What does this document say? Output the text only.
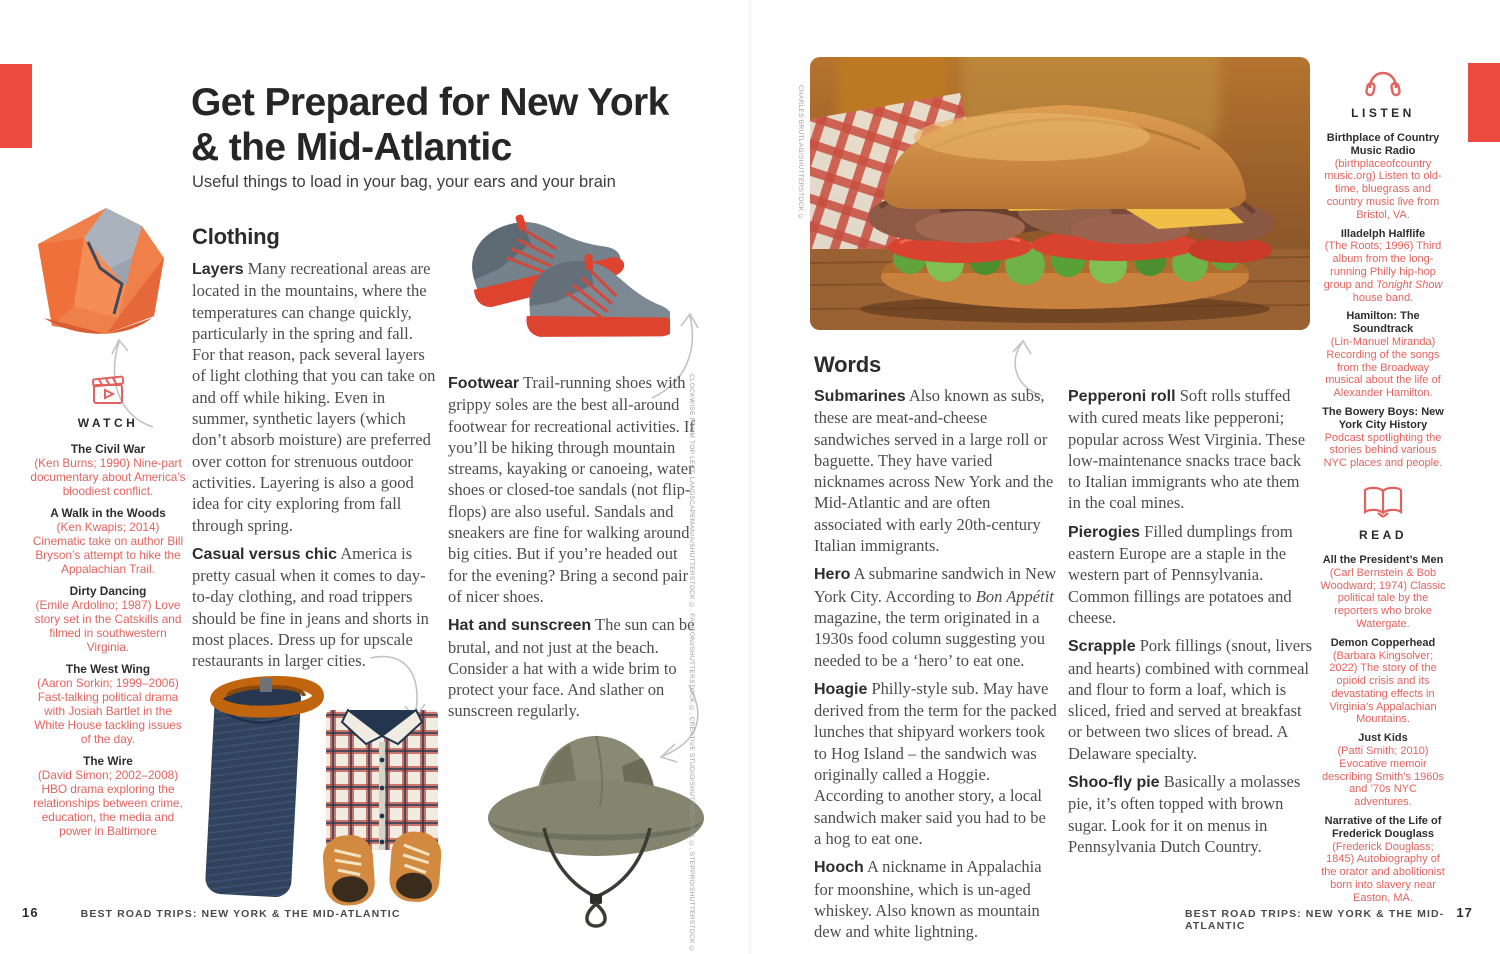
Get Prepared for New York
& the Mid-Atlantic
Useful things to load in your bag, your ears and your brain
WATCH
The Civil War
(Ken Burns; 1990) Nine-part documentary about America’s bloodiest conflict.
A Walk in the Woods
(Ken Kwapis; 2014) Cinematic take on author Bill Bryson’s attempt to hike the Appalachian Trail.
Dirty Dancing
(Emile Ardolino; 1987) Love story set in the Catskills and filmed in southwestern Virginia.
The West Wing
(Aaron Sorkin; 1999–2006) Fast-talking political drama with Josiah Bartlet in the White House tackling issues of the day.
The Wire
(David Simon; 2002–2008) HBO drama exploring the relationships between crime, education, the media and power in Baltimore
Clothing

Layers Many recreational areas are located in the mountains, where the temperatures can change quickly, particularly in the spring and fall. For that reason, pack several layers of light clothing that you can take on and off while hiking. Even in summer, synthetic layers (which don’t absorb moisture) are preferred over cotton for strenuous outdoor activities. Layering is also a good idea for city exploring from fall through spring.

Casual versus chic America is pretty casual when it comes to day-to-day clothing, and road trippers should be fine in jeans and shorts in most places. Dress up for upscale restaurants in larger cities.

Footwear Trail-running shoes with grippy soles are the best all-around footwear for recreational activities. If you’ll be hiking through mountain streams, kayaking or canoeing, water shoes or closed-toe sandals (not flip-flops) are also useful. Sandals and sneakers are fine for walking around big cities. But if you’re headed out for the evening? Bring a second pair of nicer shoes.

Hat and sunscreen The sun can be brutal, and not just at the beach. Consider a hat with a wide brim to protect your face. And slather on sunscreen regularly.	CLOCKWISE FROM TOP LEFT: LANDSCAPEMANIA/SHUTTERSTOCK ©, FAHRONI/SHUTTERSTOCK ©, CREATIVE STUDIO/SHUTTERSTOCK ©, STEPPRO/SHUTTERSTOCK ©
16	BEST ROAD TRIPS: NEW YORK & THE MID-ATLANTIC
CHARLES BRUTLAG/SHUTTERSTOCK ©
Words

Submarines Also known as subs, these are meat-and-cheese sandwiches served in a large roll or baguette. They have varied nicknames across New York and the Mid-Atlantic and are often associated with early 20th-century Italian immigrants.

Hero A submarine sandwich in New York City. According to Bon Appétit magazine, the term originated in a 1930s food column suggesting you needed to be a ‘hero’ to eat one.

Hoagie Philly-style sub. May have derived from the term for the packed lunches that shipyard workers took to Hog Island – the sandwich was originally called a Hoggie. According to another story, a local sandwich maker said you had to be a hog to eat one.

Hooch A nickname in Appalachia for moonshine, which is un-aged whiskey. Also known as mountain dew and white lightning.

Pepperoni roll Soft rolls stuffed with cured meats like pepperoni; popular across West Virginia. These low-maintenance snacks trace back to Italian immigrants who ate them in the coal mines.

Pierogies Filled dumplings from eastern Europe are a staple in the western part of Pennsylvania. Common fillings are potatoes and cheese.

Scrapple Pork fillings (snout, livers and hearts) combined with cornmeal and flour to form a loaf, which is sliced, fried and served at breakfast or between two slices of bread. A Delaware specialty.

Shoo-fly pie Basically a molasses pie, it’s often topped with brown sugar. Look for it on menus in Pennsylvania Dutch Country.

LISTEN
Birthplace of Country Music Radio
(birthplaceofcountry music.org) Listen to old-time, bluegrass and country music live from Bristol, VA.
Illadelph Halflife
(The Roots; 1996) Third album from the long-running Philly hip-hop group and Tonight Show house band.
Hamilton: The Soundtrack
(Lin-Manuel Miranda) Recording of the songs from the Broadway musical about the life of Alexander Hamilton.
The Bowery Boys: New York City History
Podcast spotlighting the stories behind various NYC places and people.
READ
All the President’s Men
(Carl Bernstein & Bob Woodward; 1974) Classic political tale by the reporters who broke Watergate.
Demon Copperhead
(Barbara Kingsolver; 2022) The story of the opioid crisis and its devastating effects in Virginia’s Appalachian Mountains.
Just Kids
(Patti Smith; 2010) Evocative memoir describing Smith’s 1960s and ’70s NYC adventures.
Narrative of the Life of Frederick Douglass
(Frederick Douglass; 1845) Autobiography of the orator and abolitionist born into slavery near Easton, MA.
BEST ROAD TRIPS: NEW YORK & THE MID-ATLANTIC
17
